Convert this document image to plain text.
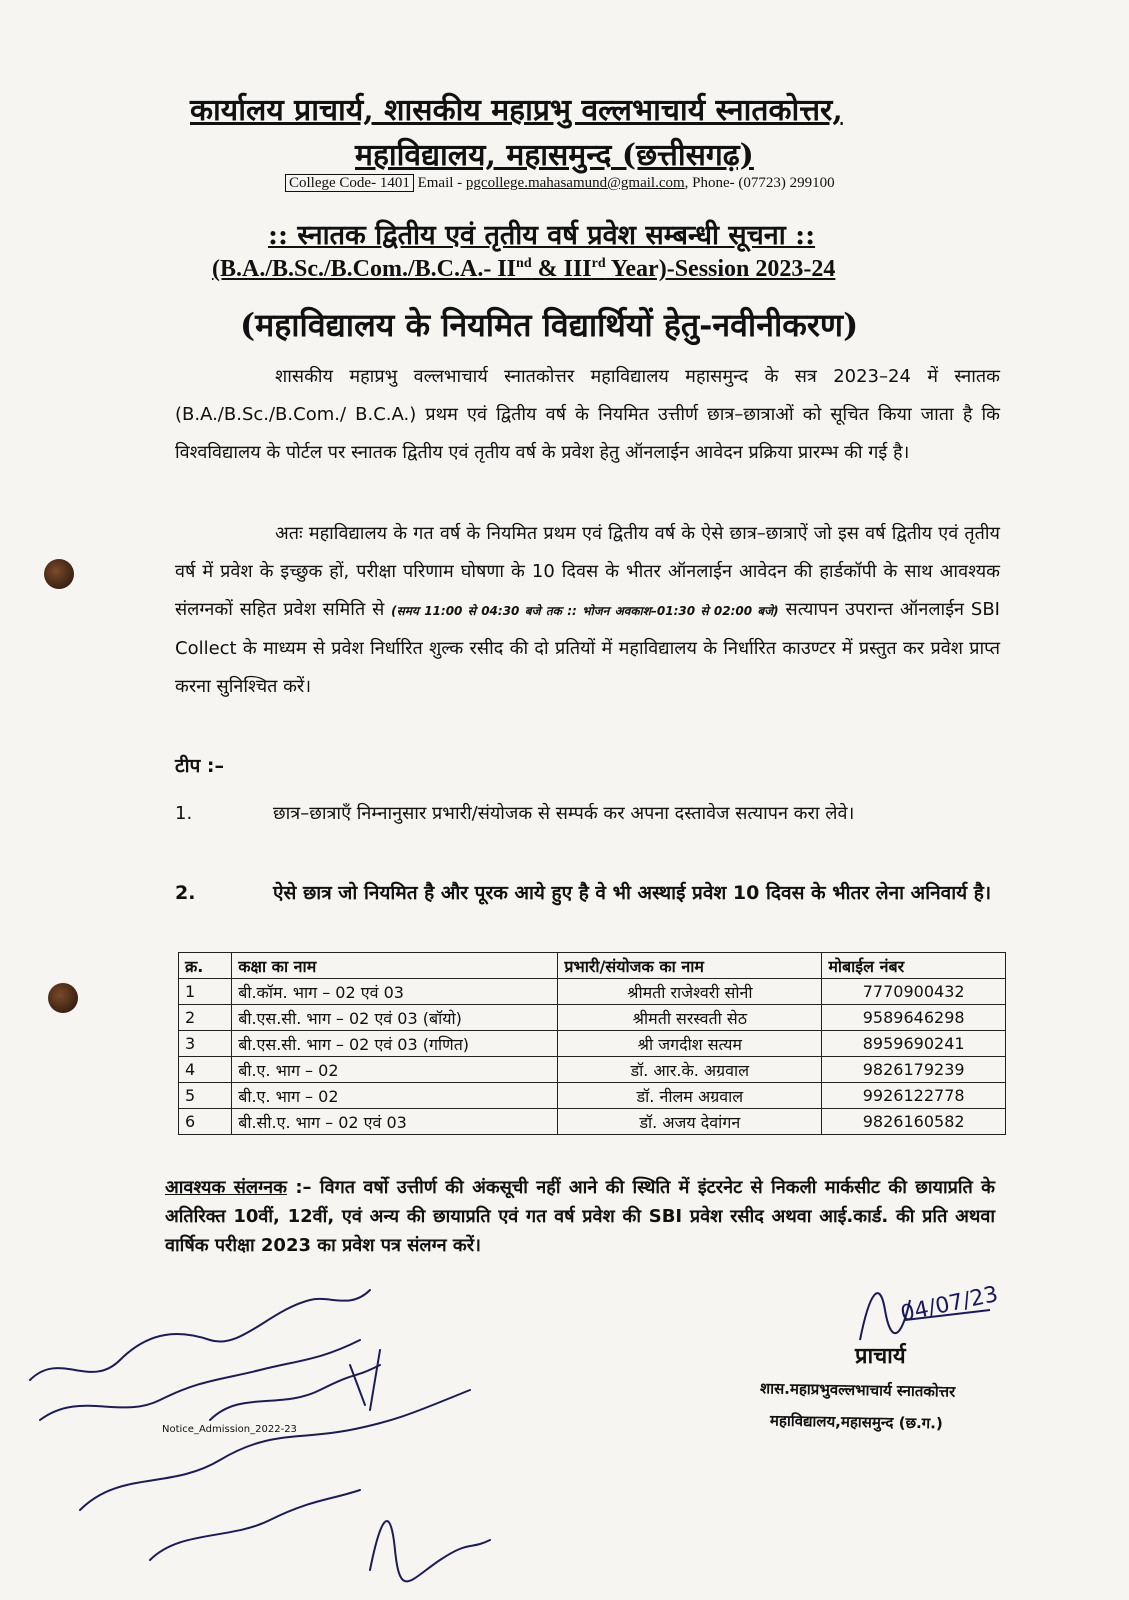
कार्यालय प्राचार्य, शासकीय महाप्रभु वल्लभाचार्य स्नातकोत्तर,
महाविद्यालय, महासमुन्द (छत्तीसगढ़)
College Code- 1401 Email - pgcollege.mahasamund@gmail.com, Phone- (07723) 299100
:: स्नातक द्वितीय एवं तृतीय वर्ष प्रवेश सम्बन्धी सूचना ::
(B.A./B.Sc./B.Com./B.C.A.- IInd & IIIrd Year)-Session 2023-24
(महाविद्यालय के नियमित विद्यार्थियों हेतु-नवीनीकरण)
शासकीय महाप्रभु वल्लभाचार्य स्नातकोत्तर महाविद्यालय महासमुन्द के सत्र 2023–24 में स्नातक (B.A./B.Sc./B.Com./ B.C.A.) प्रथम एवं द्वितीय वर्ष के नियमित उत्तीर्ण छात्र–छात्राओं को सूचित किया जाता है कि विश्वविद्यालय के पोर्टल पर स्नातक द्वितीय एवं तृतीय वर्ष के प्रवेश हेतु ऑनलाईन आवेदन प्रक्रिया प्रारम्भ की गई है।
अतः महाविद्यालय के गत वर्ष के नियमित प्रथम एवं द्वितीय वर्ष के ऐसे छात्र–छात्राऐं जो इस वर्ष द्वितीय एवं तृतीय वर्ष में प्रवेश के इच्छुक हों, परीक्षा परिणाम घोषणा के 10 दिवस के भीतर ऑनलाईन आवेदन की हार्डकॉपी के साथ आवश्यक संलग्नकों सहित प्रवेश समिति से (समय 11:00 से 04:30 बजे तक :: भोजन अवकाश–01:30 से 02:00 बजे) सत्यापन उपरान्त ऑनलाईन SBI Collect के माध्यम से प्रवेश निर्धारित शुल्क रसीद की दो प्रतियों में महाविद्यालय के निर्धारित काउण्टर में प्रस्तुत कर प्रवेश प्राप्त करना सुनिश्चित करें।
टीप :–
1.	छात्र–छात्राऍं निम्नानुसार प्रभारी/संयोजक से सम्पर्क कर अपना दस्तावेज सत्यापन करा लेवे।
2.	ऐसे छात्र जो नियमित है और पूरक आये हुए है वे भी अस्थाई प्रवेश 10 दिवस के भीतर लेना अनिवार्य है।
क्र.	कक्षा का नाम	प्रभारी/संयोजक का नाम	मोबाईल नंबर
1	बी.कॉम. भाग – 02 एवं 03	श्रीमती राजेश्वरी सोनी	7770900432
2	बी.एस.सी. भाग – 02 एवं 03 (बॉयो)	श्रीमती सरस्वती सेठ	9589646298
3	बी.एस.सी. भाग – 02 एवं 03 (गणित)	श्री जगदीश सत्यम	8959690241
4	बी.ए. भाग – 02	डॉ. आर.के. अग्रवाल	9826179239
5	बी.ए. भाग – 02	डॉ. नीलम अग्रवाल	9926122778
6	बी.सी.ए. भाग – 02 एवं 03	डॉ. अजय देवांगन	9826160582
आवश्यक संलग्नक :– विगत वर्षो उत्तीर्ण की अंकसूची नहीं आने की स्थिति में इंटरनेट से निकली मार्कसीट की छायाप्रति के अतिरिक्त 10वीं, 12वीं, एवं अन्य की छायाप्रति एवं गत वर्ष प्रवेश की SBI प्रवेश रसीद अथवा आई.कार्ड. की प्रति अथवा वार्षिक परीक्षा 2023 का प्रवेश पत्र संलग्न करें।
04/07/23
प्राचार्य
शास.महाप्रभुवल्लभाचार्य स्नातकोत्तर
महाविद्यालय,महासमुन्द (छ.ग.)
Notice_Admission_2022-23
